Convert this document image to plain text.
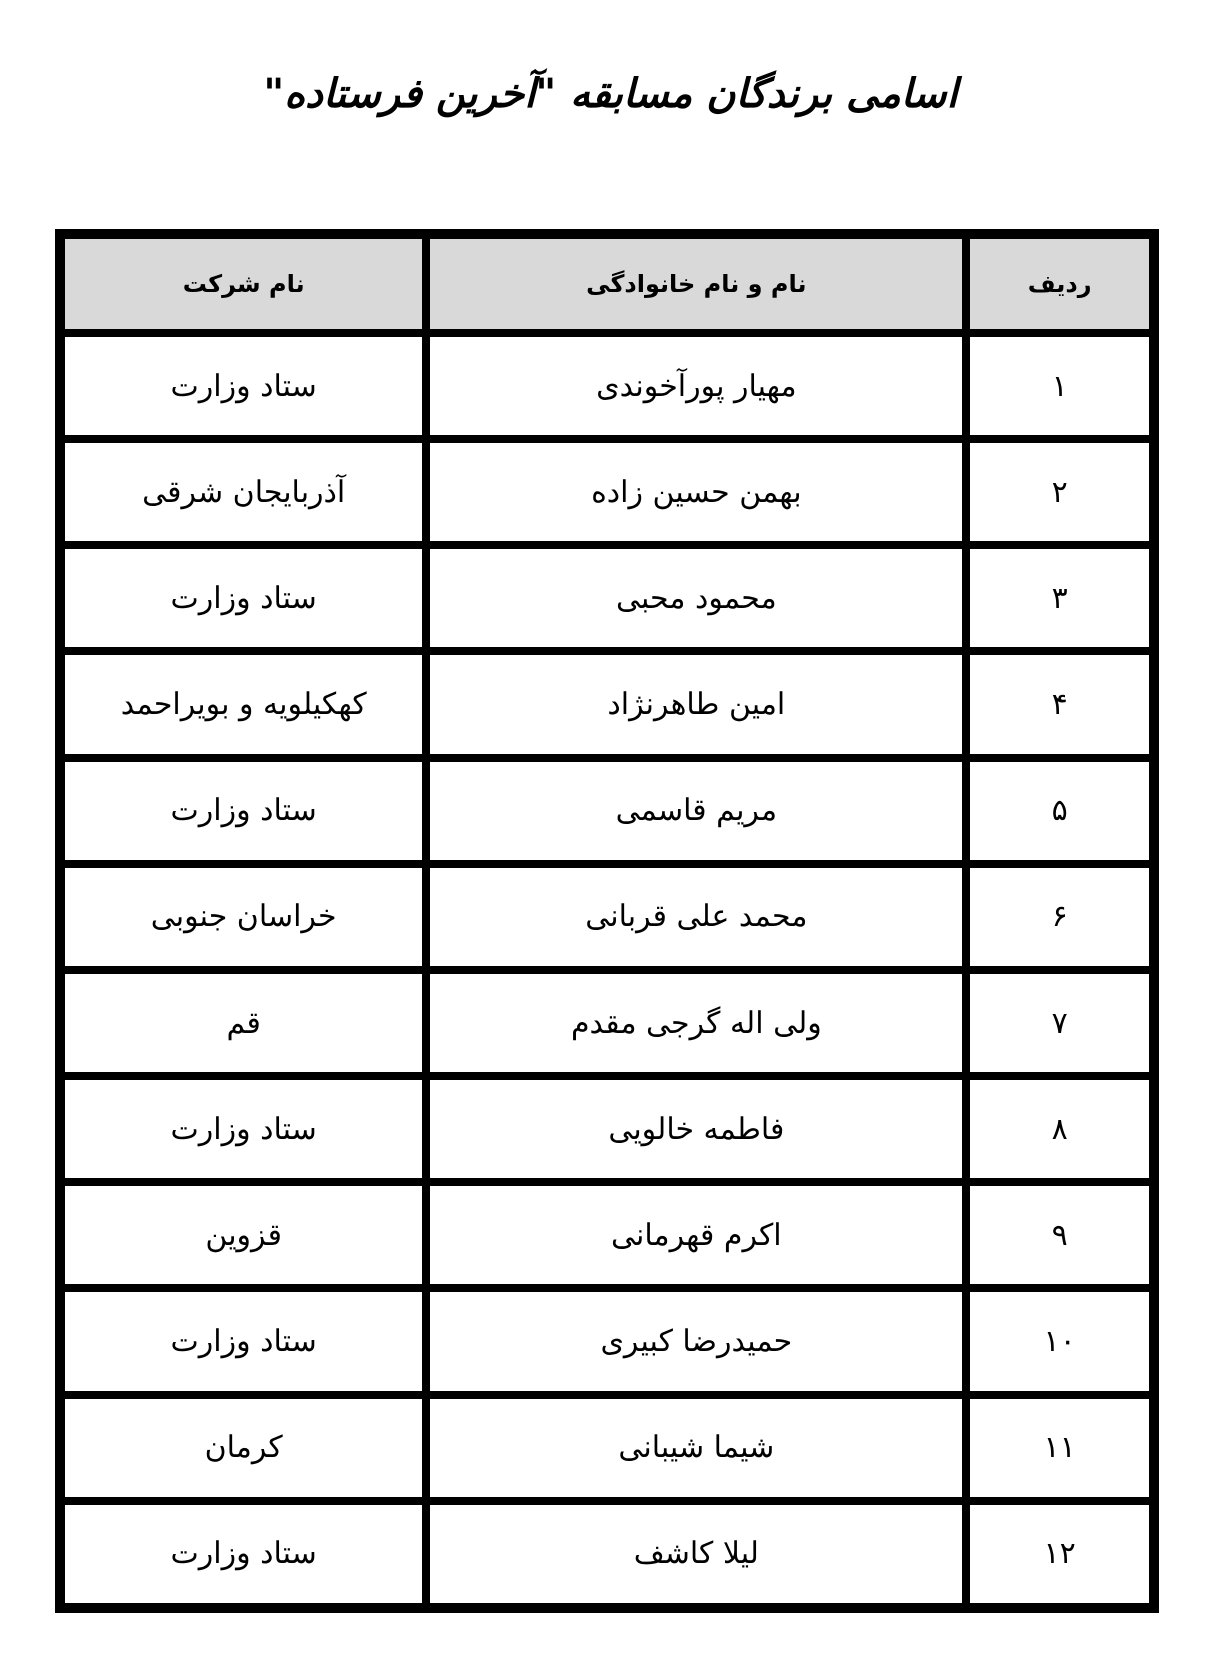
اسامی برندگان مسابقه "آخرین فرستاده"
ردیف	نام و نام خانوادگی	نام شرکت
۱	مهیار پورآخوندی	ستاد وزارت
۲	بهمن حسین زاده	آذربایجان شرقی
۳	محمود محبی	ستاد وزارت
۴	امین طاهرنژاد	کهکیلویه و بویراحمد
۵	مریم قاسمی	ستاد وزارت
۶	محمد علی قربانی	خراسان جنوبی
۷	ولی اله گرجی مقدم	قم
۸	فاطمه خالویی	ستاد وزارت
۹	اکرم قهرمانی	قزوین
۱۰	حمیدرضا کبیری	ستاد وزارت
۱۱	شیما شیبانی	کرمان
۱۲	لیلا کاشف	ستاد وزارت
